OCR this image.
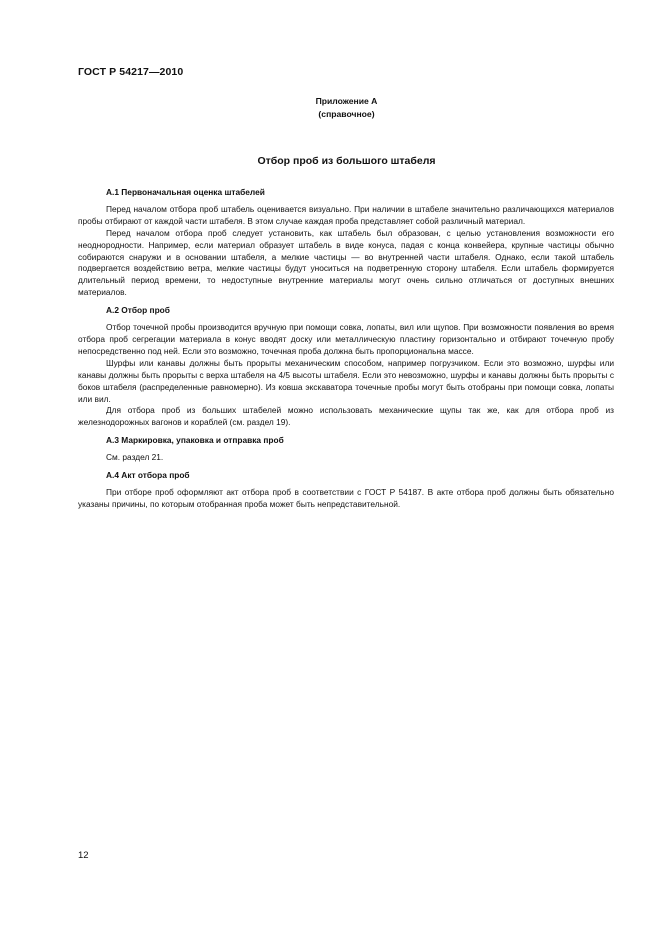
ГОСТ Р 54217—2010
Приложение А
(справочное)
Отбор проб из большого штабеля

А.1 Первоначальная оценка штабелей

Перед началом отбора проб штабель оценивается визуально. При наличии в штабеле значительно различающихся материалов пробы отбирают от каждой части штабеля. В этом случае каждая проба представляет собой различный материал.

Перед началом отбора проб следует установить, как штабель был образован, с целью установления возможности его неоднородности. Например, если материал образует штабель в виде конуса, падая с конца конвейера, крупные частицы обычно собираются снаружи и в основании штабеля, а мелкие частицы — во внутренней части штабеля. Однако, если такой штабель подвергается воздействию ветра, мелкие частицы будут уноситься на подветренную сторону штабеля. Если штабель формируется длительный период времени, то недоступные внутренние материалы могут очень сильно отличаться от доступных внешних материалов.

А.2 Отбор проб

Отбор точечной пробы производится вручную при помощи совка, лопаты, вил или щупов. При возможности появления во время отбора проб сегрегации материала в конус вводят доску или металлическую пластину горизонтально и отбирают точечную пробу непосредственно под ней. Если это возможно, точечная проба должна быть пропорциональна массе.

Шурфы или канавы должны быть прорыты механическим способом, например погрузчиком. Если это возможно, шурфы или канавы должны быть прорыты с верха штабеля на 4/5 высоты штабеля. Если это невозможно, шурфы и канавы должны быть прорыты с боков штабеля (распределенные равномерно). Из ковша экскаватора точечные пробы могут быть отобраны при помощи совка, лопаты или вил.

Для отбора проб из больших штабелей можно использовать механические щупы так же, как для отбора проб из железнодорожных вагонов и кораблей (см. раздел 19).

А.3 Маркировка, упаковка и отправка проб

См. раздел 21.

А.4 Акт отбора проб

При отборе проб оформляют акт отбора проб в соответствии с ГОСТ Р 54187. В акте отбора проб должны быть обязательно указаны причины, по которым отобранная проба может быть непредставительной.

12
